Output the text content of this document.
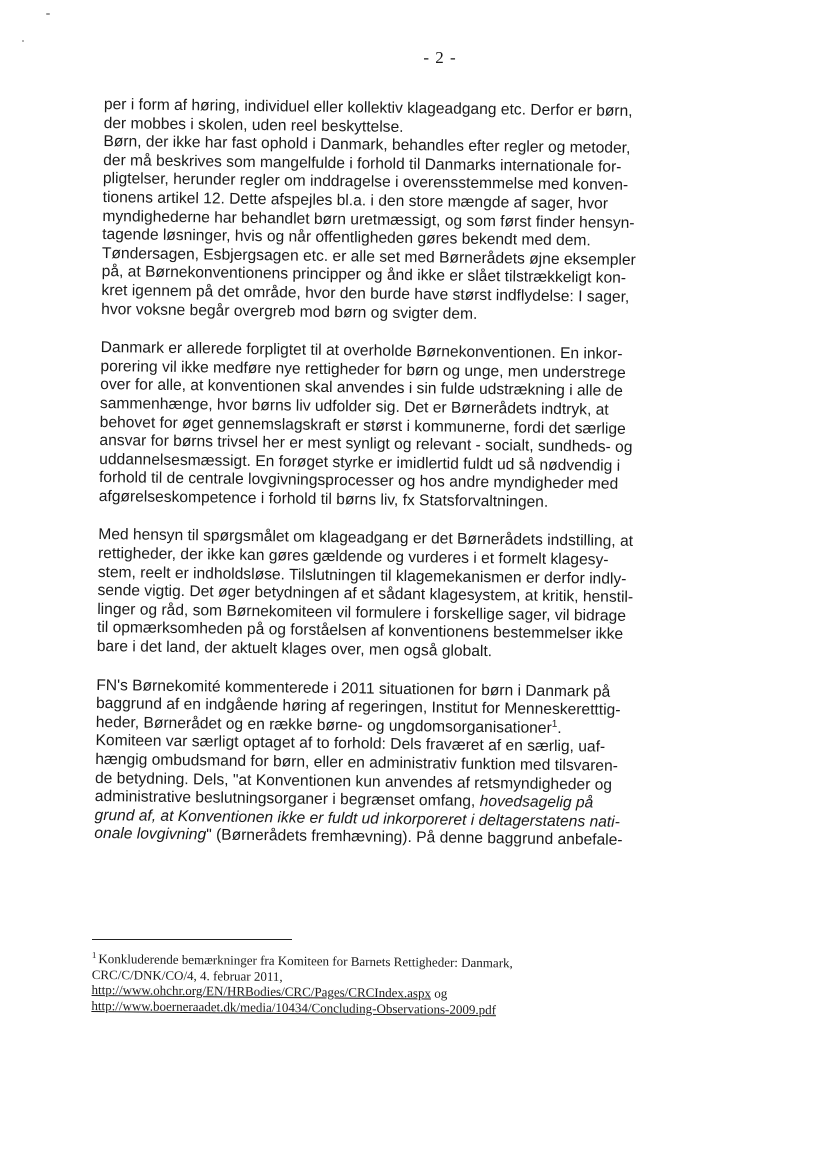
- 2 -
per i form af høring, individuel eller kollektiv klageadgang etc. Derfor er børn,
der mobbes i skolen, uden reel beskyttelse.
Børn, der ikke har fast ophold i Danmark, behandles efter regler og metoder,
der må beskrives som mangelfulde i forhold til Danmarks internationale for-
pligtelser, herunder regler om inddragelse i overensstemmelse med konven-
tionens artikel 12. Dette afspejles bl.a. i den store mængde af sager, hvor
myndighederne har behandlet børn uretmæssigt, og som først finder hensyn-
tagende løsninger, hvis og når offentligheden gøres bekendt med dem.
Tøndersagen, Esbjergsagen etc. er alle set med Børnerådets øjne eksempler
på, at Børnekonventionens principper og ånd ikke er slået tilstrækkeligt kon-
kret igennem på det område, hvor den burde have størst indflydelse: I sager,
hvor voksne begår overgreb mod børn og svigter dem.
Danmark er allerede forpligtet til at overholde Børnekonventionen. En inkor-
porering vil ikke medføre nye rettigheder for børn og unge, men understrege
over for alle, at konventionen skal anvendes i sin fulde udstrækning i alle de
sammenhænge, hvor børns liv udfolder sig. Det er Børnerådets indtryk, at
behovet for øget gennemslagskraft er størst i kommunerne, fordi det særlige
ansvar for børns trivsel her er mest synligt og relevant - socialt, sundheds- og
uddannelsesmæssigt. En forøget styrke er imidlertid fuldt ud så nødvendig i
forhold til de centrale lovgivningsprocesser og hos andre myndigheder med
afgørelseskompetence i forhold til børns liv, fx Statsforvaltningen.
Med hensyn til spørgsmålet om klageadgang er det Børnerådets indstilling, at
rettigheder, der ikke kan gøres gældende og vurderes i et formelt klagesy-
stem, reelt er indholdsløse. Tilslutningen til klagemekanismen er derfor indly-
sende vigtig. Det øger betydningen af et sådant klagesystem, at kritik, henstil-
linger og råd, som Børnekomiteen vil formulere i forskellige sager, vil bidrage
til opmærksomheden på og forståelsen af konventionens bestemmelser ikke
bare i det land, der aktuelt klages over, men også globalt.
FN's Børnekomité kommenterede i 2011 situationen for børn i Danmark på
baggrund af en indgående høring af regeringen, Institut for Menneskeretttig-
heder, Børnerådet og en række børne- og ungdomsorganisationer$^1$.
Komiteen var særligt optaget af to forhold: Dels fraværet af en særlig, uaf-
hængig ombudsmand for børn, eller en administrativ funktion med tilsvaren-
de betydning. Dels, "at Konventionen kun anvendes af retsmyndigheder og
administrative beslutningsorganer i begrænset omfang, hovedsagelig på
grund af, at Konventionen ikke er fuldt ud inkorporeret i deltagerstatens nati-
onale lovgivning" (Børnerådets fremhævning). På denne baggrund anbefale-
$^1$ Konkluderende bemærkninger fra Komiteen for Barnets Rettigheder: Danmark,
CRC/C/DNK/CO/4, 4. februar 2011,
http://www.ohchr.org/EN/HRBodies/CRC/Pages/CRCIndex.aspx og
http://www.boerneraadet.dk/media/10434/Concluding-Observations-2009.pdf
